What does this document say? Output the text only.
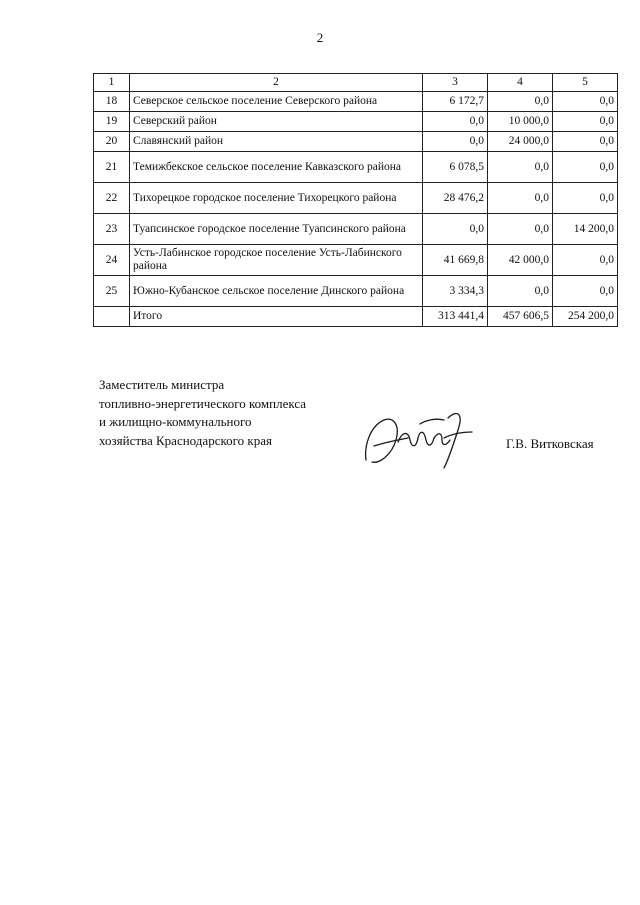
2
1	2	3	4	5
18	Северское сельское поселение Северского района	6 172,7	0,0	0,0
19	Северский район	0,0	10 000,0	0,0
20	Славянский район	0,0	24 000,0	0,0
21	Темижбекское сельское поселение Кавказского района	6 078,5	0,0	0,0
22	Тихорецкое городское поселение Тихорецкого района	28 476,2	0,0	0,0
23	Туапсинское городское поселение Туапсинского района	0,0	0,0	14 200,0
24	Усть-Лабинское городское поселение Усть-Лабинского района	41 669,8	42 000,0	0,0
25	Южно-Кубанское сельское поселение Динского района	3 334,3	0,0	0,0
	Итого	313 441,4	457 606,5	254 200,0
Заместитель министра
топливно-энергетического комплекса
и жилищно-коммунального
хозяйства Краснодарского края	Г.В. Витковская
